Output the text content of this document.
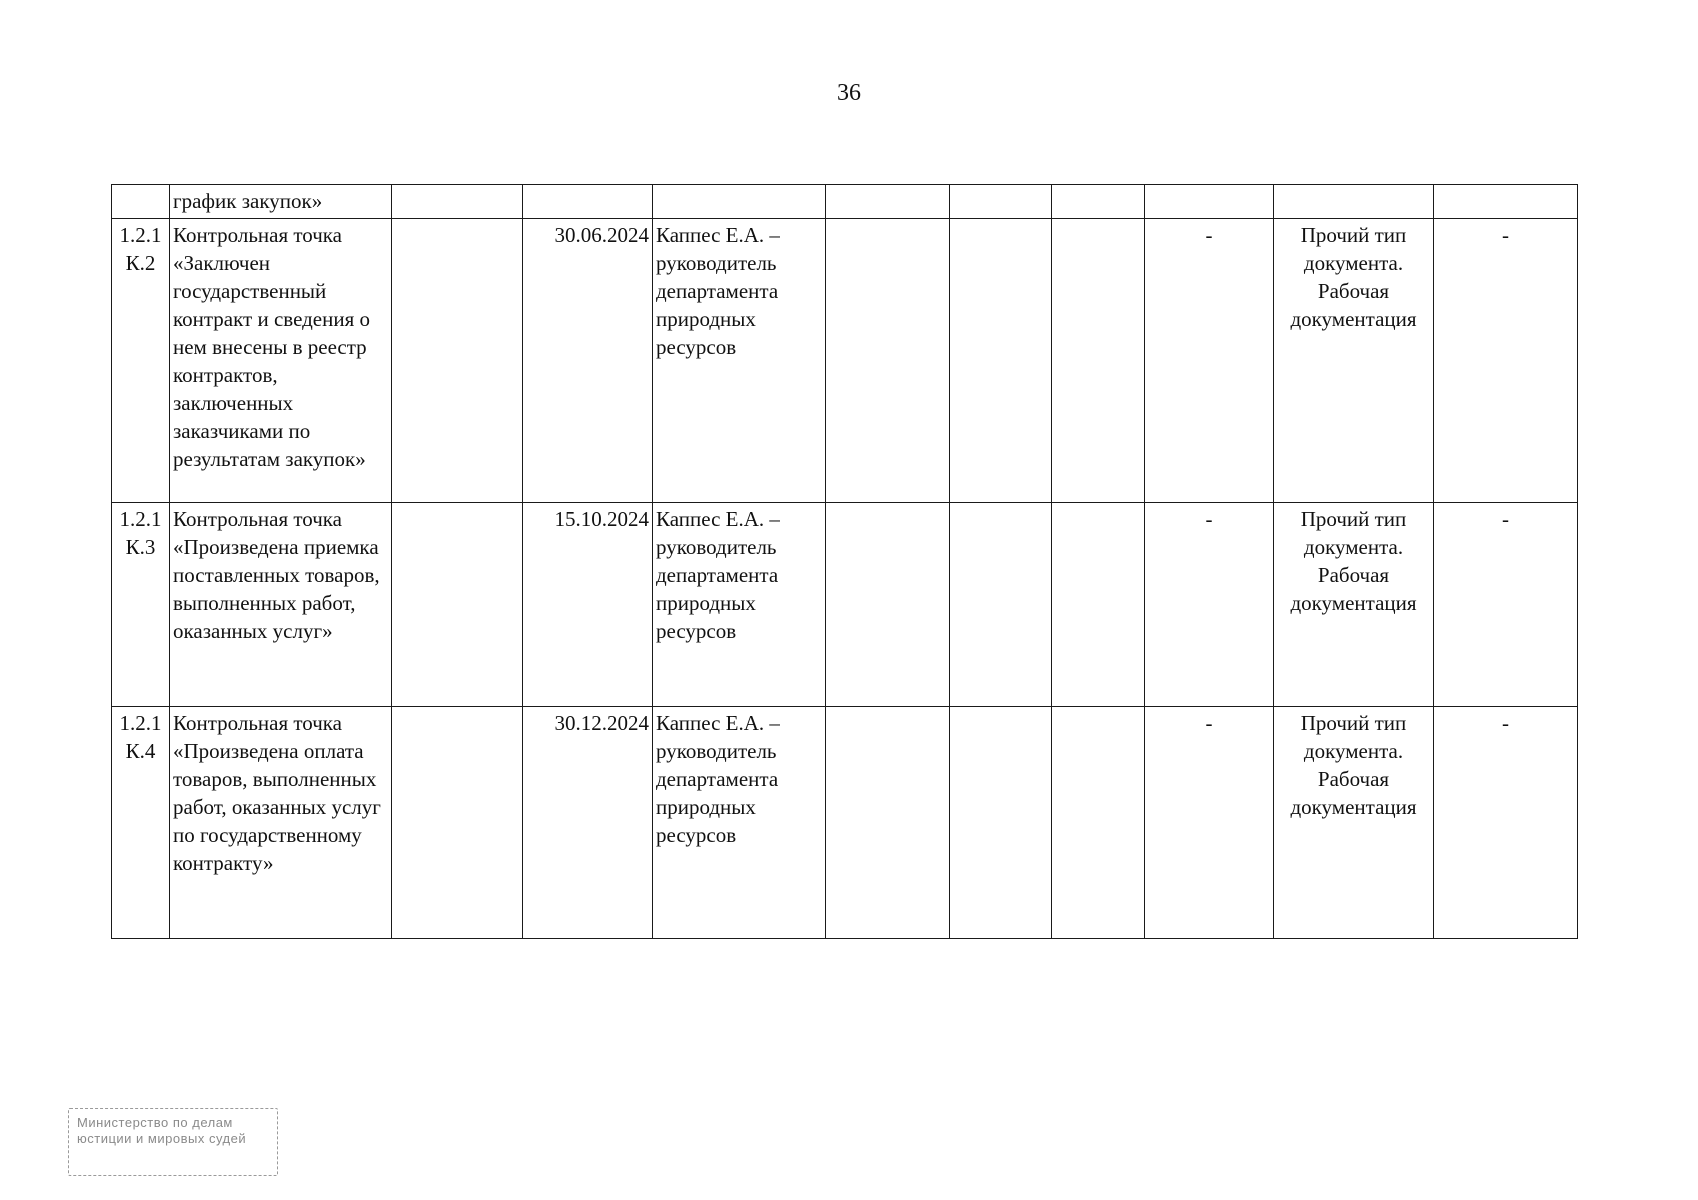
36
	график закупок»									
1.2.1 К.2	Контрольная точка «Заключен государственный контракт и сведения о нем внесены в реестр контрактов, заключенных заказчиками по результатам закупок»		30.06.2024	Каппес Е.А. – руководитель департамента природных ресурсов				-	Прочий тип документа. Рабочая документация	-
1.2.1 К.3	Контрольная точка «Произведена приемка поставленных товаров, выполненных работ, оказанных услуг»		15.10.2024	Каппес Е.А. – руководитель департамента природных ресурсов				-	Прочий тип документа. Рабочая документация	-
1.2.1 К.4	Контрольная точка «Произведена оплата товаров, выполненных работ, оказанных услуг по государственному контракту»		30.12.2024	Каппес Е.А. – руководитель департамента природных ресурсов				-	Прочий тип документа. Рабочая документация	-
Министерство по делам
юстиции и мировых судей
